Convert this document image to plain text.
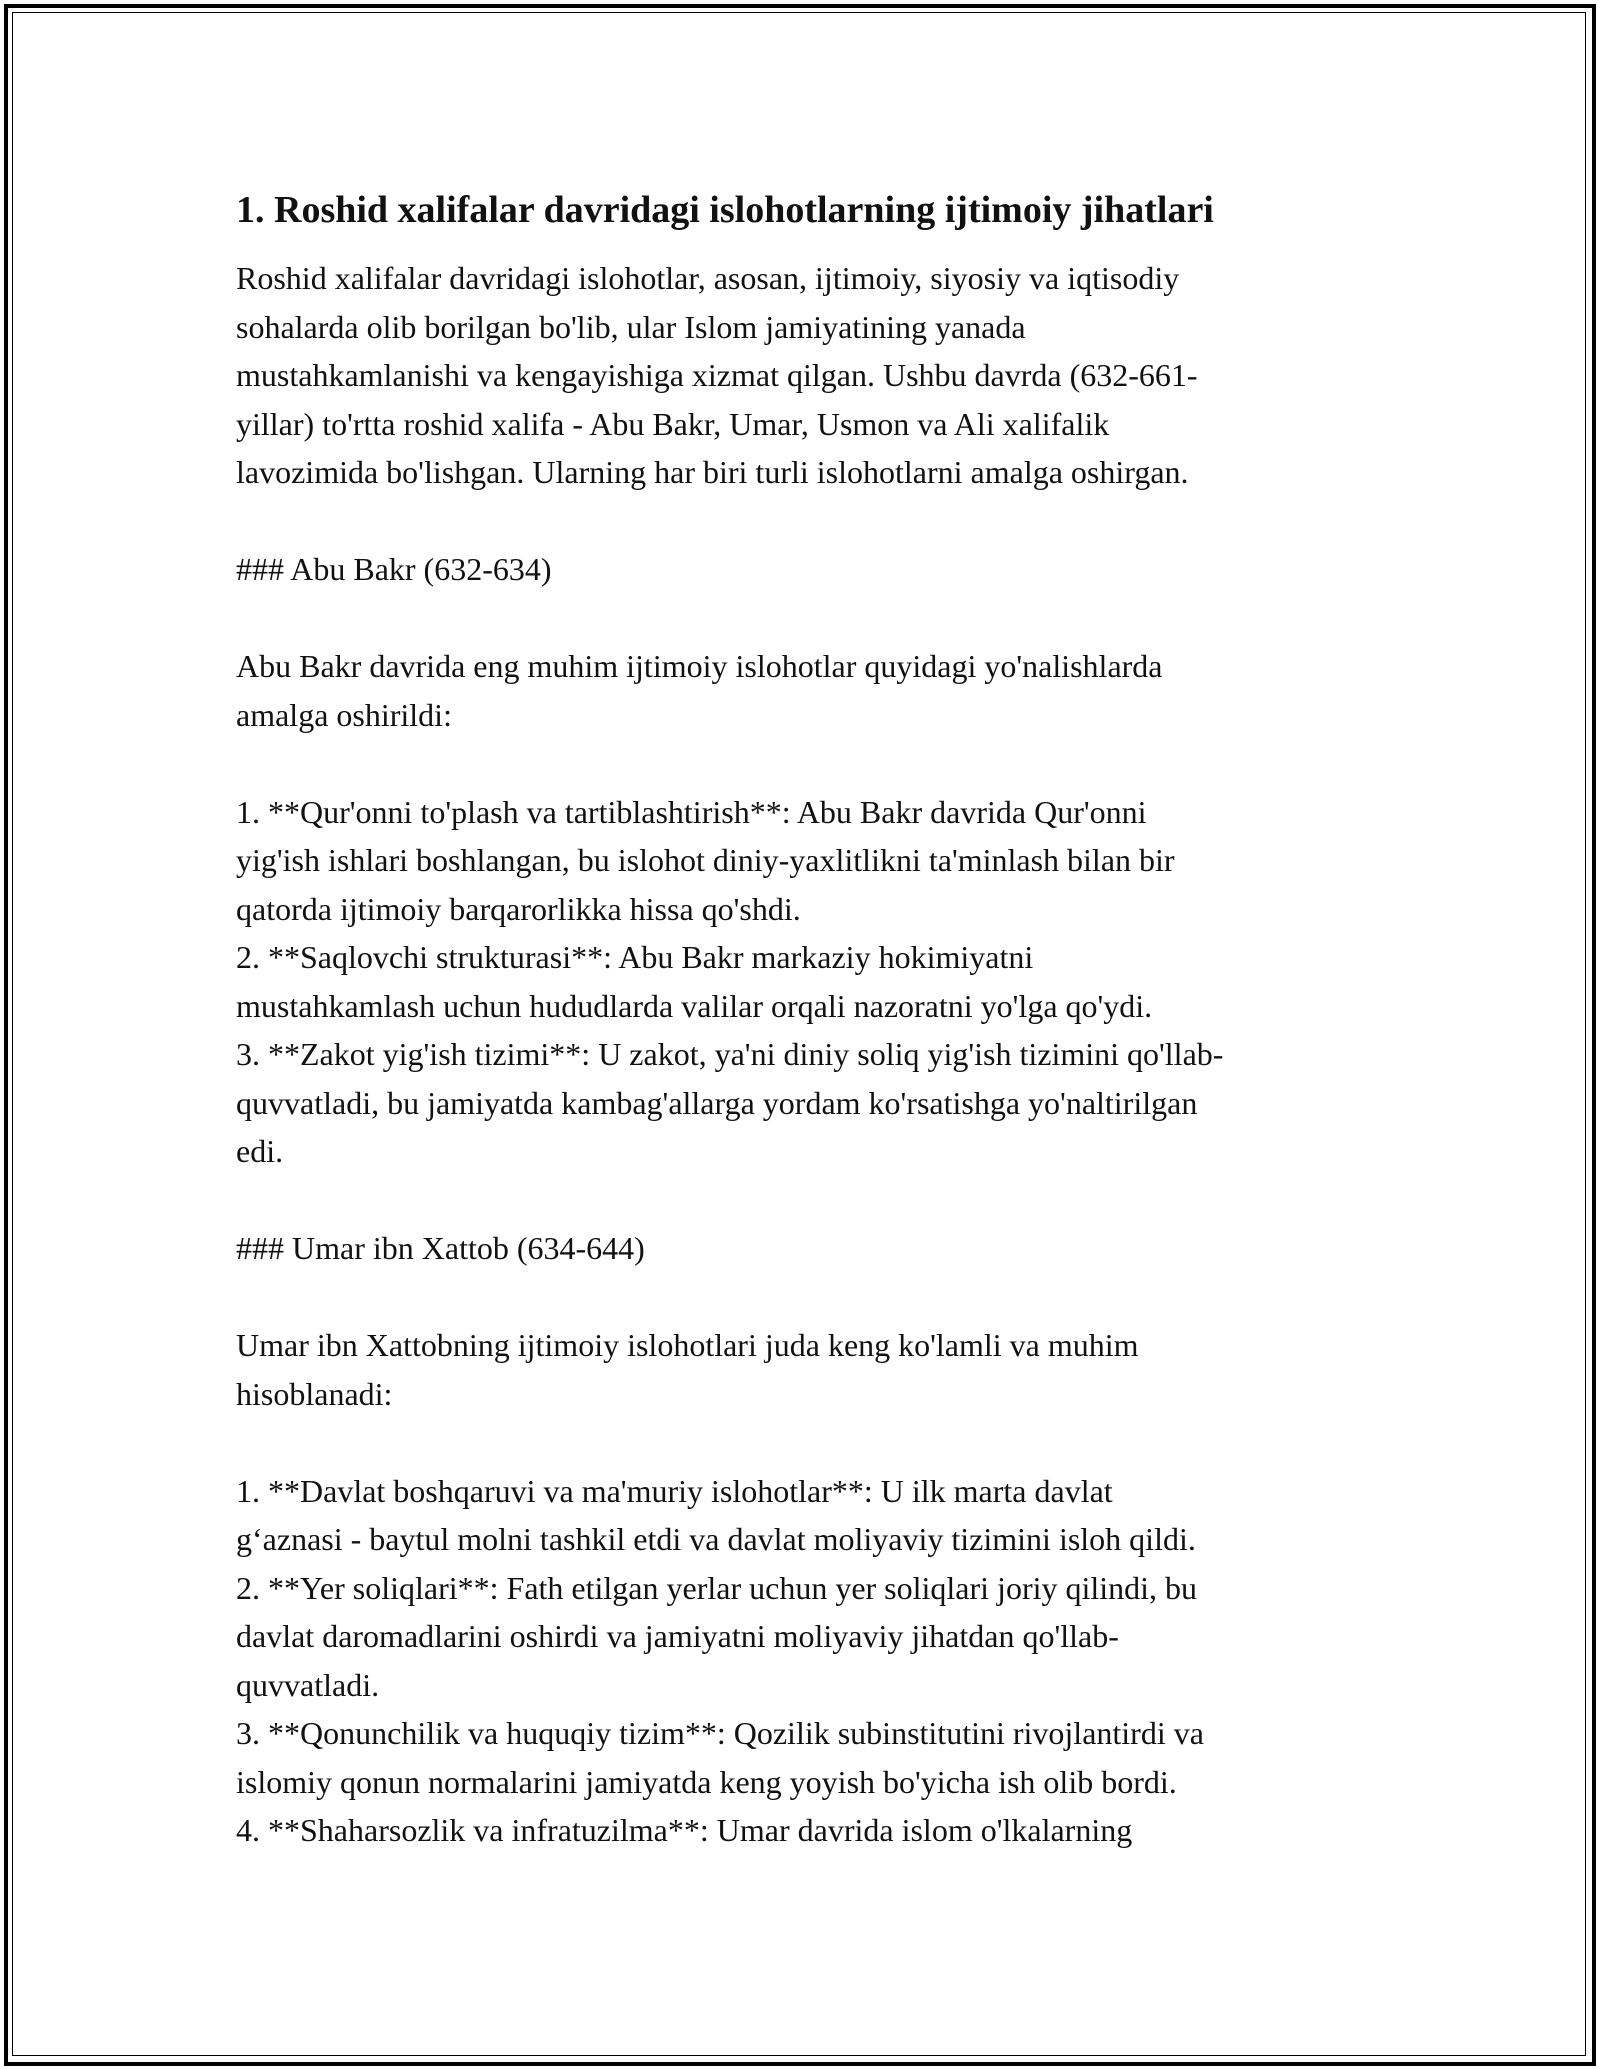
1. Roshid xalifalar davridagi islohotlarning ijtimoiy jihatlari

Roshid xalifalar davridagi islohotlar, asosan, ijtimoiy, siyosiy va iqtisodiy
sohalarda olib borilgan bo'lib, ular Islom jamiyatining yanada
mustahkamlanishi va kengayishiga xizmat qilgan. Ushbu davrda (632-661-
yillar) to'rtta roshid xalifa - Abu Bakr, Umar, Usmon va Ali xalifalik
lavozimida bo'lishgan. Ularning har biri turli islohotlarni amalga oshirgan.

### Abu Bakr (632-634)

Abu Bakr davrida eng muhim ijtimoiy islohotlar quyidagi yo'nalishlarda
amalga oshirildi:

1. **Qur'onni to'plash va tartiblashtirish**: Abu Bakr davrida Qur'onni
yig'ish ishlari boshlangan, bu islohot diniy-yaxlitlikni ta'minlash bilan bir
qatorda ijtimoiy barqarorlikka hissa qo'shdi.

2. **Saqlovchi strukturasi**: Abu Bakr markaziy hokimiyatni
mustahkamlash uchun hududlarda valilar orqali nazoratni yo'lga qo'ydi.

3. **Zakot yig'ish tizimi**: U zakot, ya'ni diniy soliq yig'ish tizimini qo'llab-
quvvatladi, bu jamiyatda kambag'allarga yordam ko'rsatishga yo'naltirilgan
edi.

### Umar ibn Xattob (634-644)

Umar ibn Xattobning ijtimoiy islohotlari juda keng ko'lamli va muhim
hisoblanadi:

1. **Davlat boshqaruvi va ma'muriy islohotlar**: U ilk marta davlat
g‘aznasi - baytul molni tashkil etdi va davlat moliyaviy tizimini isloh qildi.

2. **Yer soliqlari**: Fath etilgan yerlar uchun yer soliqlari joriy qilindi, bu
davlat daromadlarini oshirdi va jamiyatni moliyaviy jihatdan qo'llab-
quvvatladi.

3. **Qonunchilik va huquqiy tizim**: Qozilik subinstitutini rivojlantirdi va
islomiy qonun normalarini jamiyatda keng yoyish bo'yicha ish olib bordi.

4. **Shaharsozlik va infratuzilma**: Umar davrida islom o'lkalarning
